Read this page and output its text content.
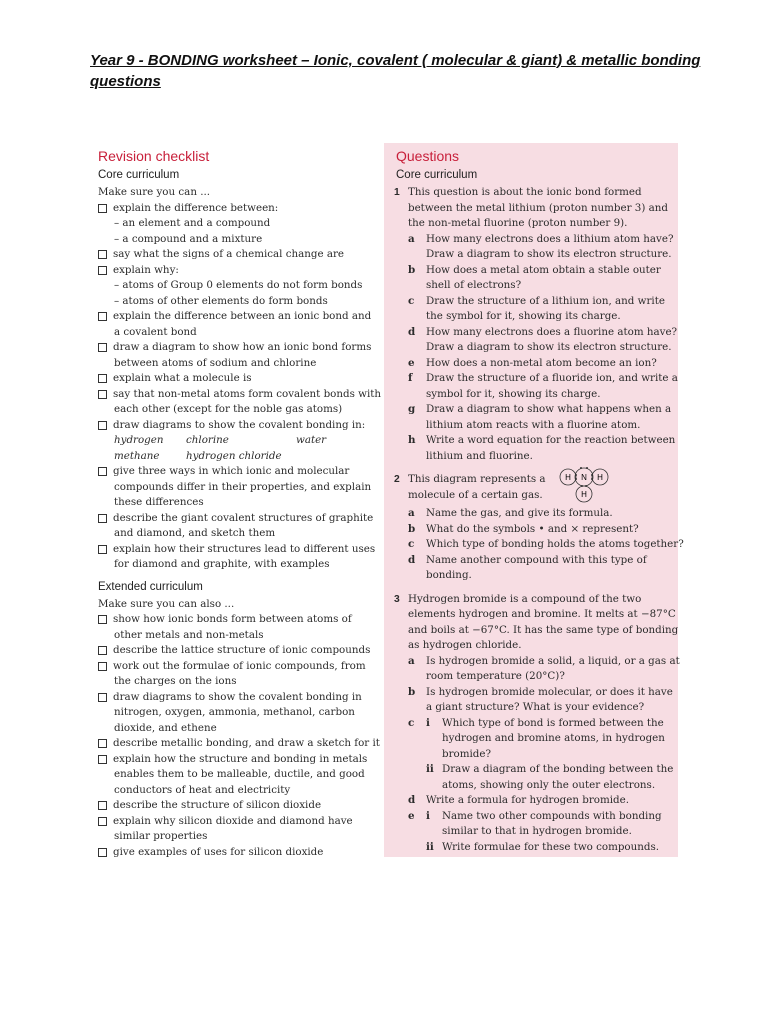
Year 9 - BONDING worksheet – Ionic, covalent ( molecular & giant) & metallic bonding questions
Revision checklist
Core curriculum
Make sure you can ...
explain the difference between:
– an element and a compound
– a compound and a mixture
say what the signs of a chemical change are
explain why:
– atoms of Group 0 elements do not form bonds
– atoms of other elements do form bonds
explain the difference between an ionic bond and
a covalent bond
draw a diagram to show how an ionic bond forms
between atoms of sodium and chlorine
explain what a molecule is
say that non-metal atoms form covalent bonds with
each other (except for the noble gas atoms)
draw diagrams to show the covalent bonding in:
hydrogen	chlorine	water
methane	hydrogen chloride
give three ways in which ionic and molecular
compounds differ in their properties, and explain
these differences
describe the giant covalent structures of graphite
and diamond, and sketch them
explain how their structures lead to different uses
for diamond and graphite, with examples
Extended curriculum
Make sure you can also ...
show how ionic bonds form between atoms of
other metals and non-metals
describe the lattice structure of ionic compounds
work out the formulae of ionic compounds, from
the charges on the ions
draw diagrams to show the covalent bonding in
nitrogen, oxygen, ammonia, methanol, carbon
dioxide, and ethene
describe metallic bonding, and draw a sketch for it
explain how the structure and bonding in metals
enables them to be malleable, ductile, and good
conductors of heat and electricity
describe the structure of silicon dioxide
explain why silicon dioxide and diamond have
similar properties
give examples of uses for silicon dioxide
Questions
Core curriculum
1 This question is about the ionic bond formed
between the metal lithium (proton number 3) and
the non-metal fluorine (proton number 9).
a	How many electrons does a lithium atom have?
Draw a diagram to show its electron structure.
b	How does a metal atom obtain a stable outer
shell of electrons?
c	Draw the structure of a lithium ion, and write
the symbol for it, showing its charge.
d	How many electrons does a fluorine atom have?
Draw a diagram to show its electron structure.
e	How does a non-metal atom become an ion?
f	Draw the structure of a fluoride ion, and write a
symbol for it, showing its charge.
g	Draw a diagram to show what happens when a
lithium atom reacts with a fluorine atom.
h	Write a word equation for the reaction between
lithium and fluorine.
2 This diagram represents a
molecule of a certain gas.
H N H
H
a	Name the gas, and give its formula.
b	What do the symbols • and × represent?
c	Which type of bonding holds the atoms together?
d	Name another compound with this type of
bonding.
3 Hydrogen bromide is a compound of the two
elements hydrogen and bromine. It melts at −87°C
and boils at −67°C. It has the same type of bonding
as hydrogen chloride.
a	Is hydrogen bromide a solid, a liquid, or a gas at
room temperature (20°C)?
b	Is hydrogen bromide molecular, or does it have
a giant structure? What is your evidence?
c	i	Which type of bond is formed between the
hydrogen and bromine atoms, in hydrogen
bromide?
ii Draw a diagram of the bonding between the
atoms, showing only the outer electrons.
d	Write a formula for hydrogen bromide.
e	i	Name two other compounds with bonding
similar to that in hydrogen bromide.
ii Write formulae for these two compounds.
